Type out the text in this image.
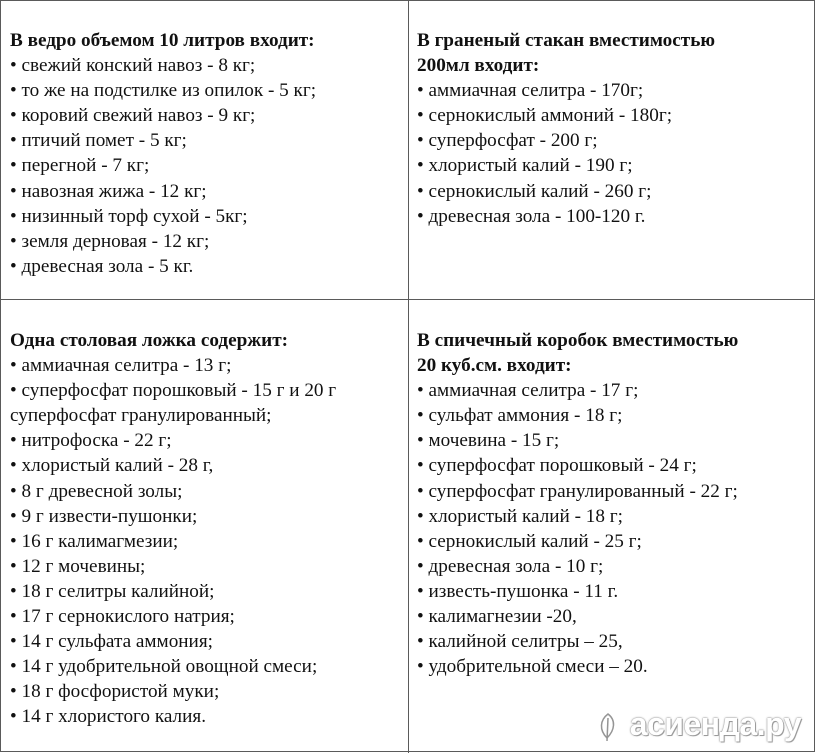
В ведро объемом 10 литров входит:

• свежий конский навоз - 8 кг;
• то же на подстилке из опилок - 5 кг;
• коровий свежий навоз - 9 кг;
• птичий помет - 5 кг;
• перегной - 7 кг;
• навозная жижа - 12 кг;
• низинный торф сухой - 5кг;
• земля дерновая - 12 кг;
• древесная зола - 5 кг.

В граненый стакан вместимостью

200мл входит:

• аммиачная селитра - 170г;
• сернокислый аммоний - 180г;
• суперфосфат - 200 г;
• хлористый калий - 190 г;
• сернокислый калий - 260 г;
• древесная зола - 100-120 г.

Одна столовая ложка содержит:

• аммиачная селитра - 13 г;
• суперфосфат порошковый - 15 г и 20 г
суперфосфат гранулированный;
• нитрофоска - 22 г;
• хлористый калий - 28 г,
• 8 г древесной золы;
• 9 г извести-пушонки;
• 16 г калимагмезии;
• 12 г мочевины;
• 18 г селитры калийной;
• 17 г сернокислого натрия;
• 14 г сульфата аммония;
• 14 г удобрительной овощной смеси;
• 18 г фосфористой муки;
• 14 г хлористого калия.

В спичечный коробок вместимостью

20 куб.см. входит:

• аммиачная селитра - 17 г;
• сульфат аммония - 18 г;
• мочевина - 15 г;
• суперфосфат порошковый - 24 г;
• суперфосфат гранулированный - 22 г;
• хлористый калий - 18 г;
• сернокислый калий - 25 г;
• древесная зола - 10 г;
• известь-пушонка - 11 г.
• калимагнезии -20,
• калийной селитры – 25,
• удобрительной смеси – 20.
асиенда.ру
